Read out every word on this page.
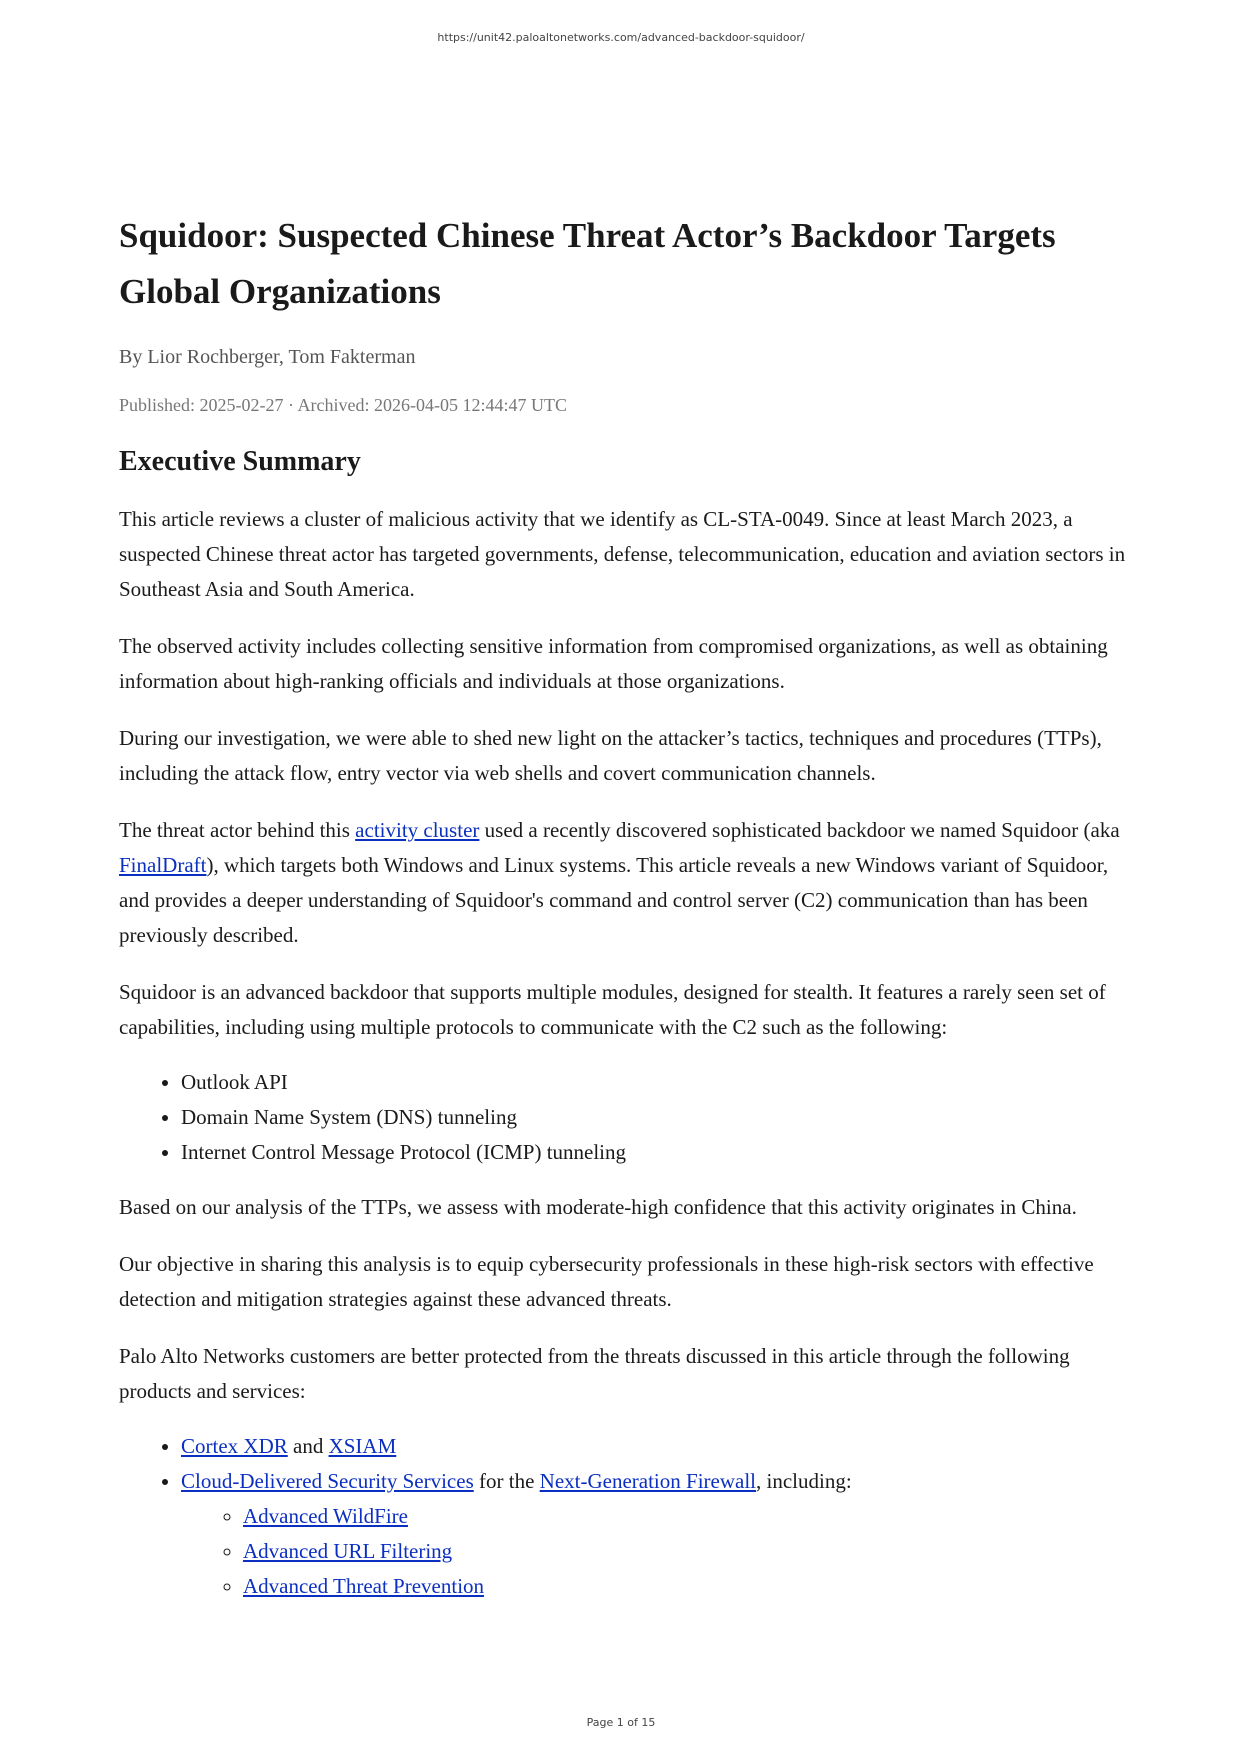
https://unit42.paloaltonetworks.com/advanced-backdoor-squidoor/
Squidoor: Suspected Chinese Threat Actor’s Backdoor Targets Global Organizations
By Lior Rochberger, Tom Fakterman
Published: 2025-02-27 · Archived: 2026-04-05 12:44:47 UTC
Executive Summary

This article reviews a cluster of malicious activity that we identify as CL-STA-0049. Since at least March 2023, a suspected Chinese threat actor has targeted governments, defense, telecommunication, education and aviation sectors in Southeast Asia and South America.

The observed activity includes collecting sensitive information from compromised organizations, as well as obtaining information about high-ranking officials and individuals at those organizations.

During our investigation, we were able to shed new light on the attacker’s tactics, techniques and procedures (TTPs), including the attack flow, entry vector via web shells and covert communication channels.

The threat actor behind this activity cluster used a recently discovered sophisticated backdoor we named Squidoor (aka FinalDraft), which targets both Windows and Linux systems. This article reveals a new Windows variant of Squidoor, and provides a deeper understanding of Squidoor's command and control server (C2) communication than has been previously described.

Squidoor is an advanced backdoor that supports multiple modules, designed for stealth. It features a rarely seen set of capabilities, including using multiple protocols to communicate with the C2 such as the following:

• Outlook API
• Domain Name System (DNS) tunneling
• Internet Control Message Protocol (ICMP) tunneling

Based on our analysis of the TTPs, we assess with moderate-high confidence that this activity originates in China.

Our objective in sharing this analysis is to equip cybersecurity professionals in these high-risk sectors with effective detection and mitigation strategies against these advanced threats.

Palo Alto Networks customers are better protected from the threats discussed in this article through the following products and services:

• Cortex XDR and XSIAM
• Cloud-Delivered Security Services for the Next-Generation Firewall, including:
◦ Advanced WildFire
◦ Advanced URL Filtering
◦ Advanced Threat Prevention
Page 1 of 15
